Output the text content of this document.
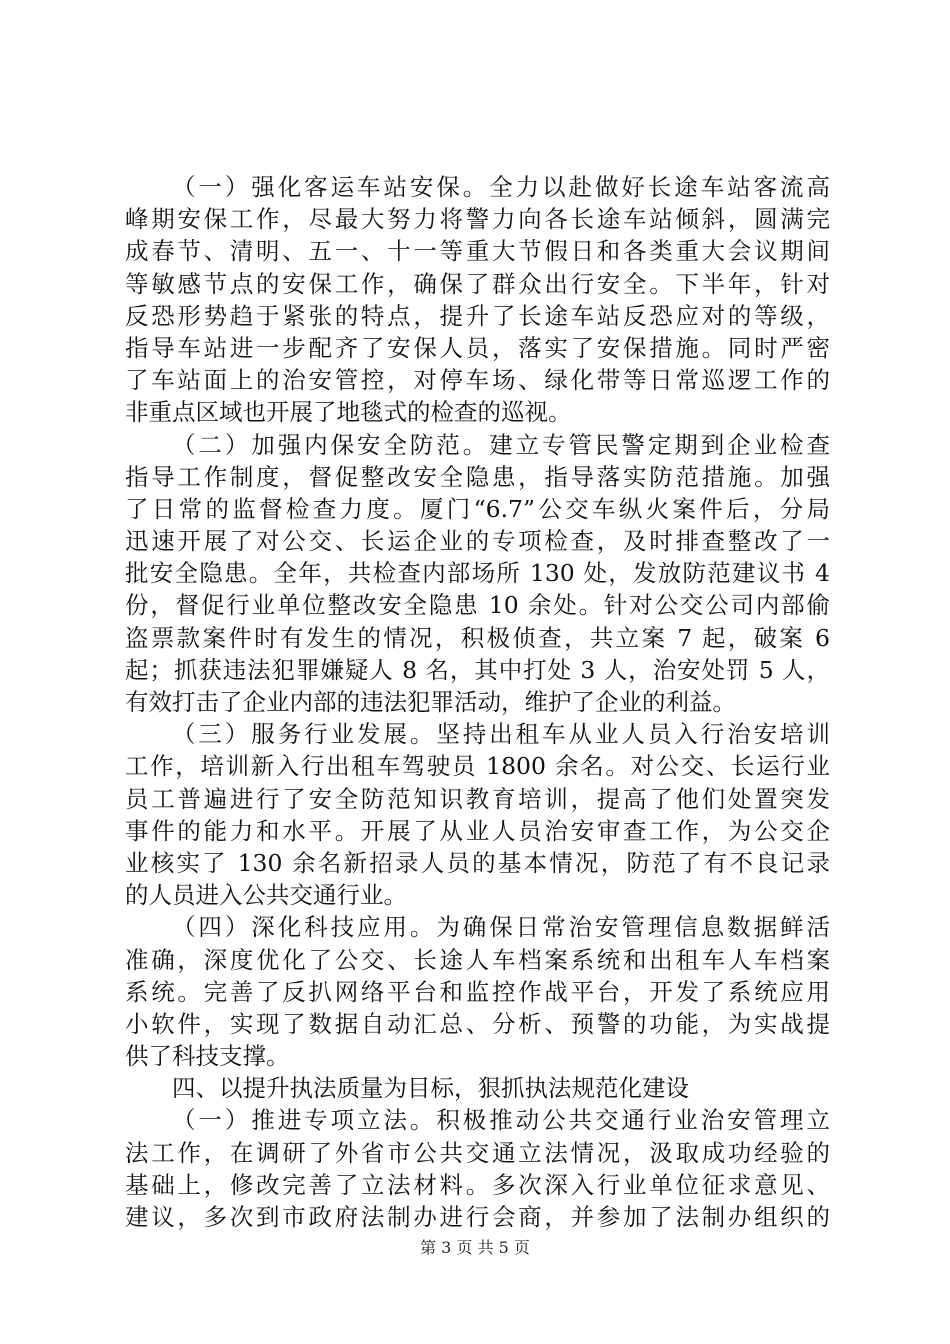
（一）强化客运车站安保。全力以赴做好长途车站客流高
峰期安保工作，尽最大努力将警力向各长途车站倾斜，圆满完
成春节、清明、五一、十一等重大节假日和各类重大会议期间
等敏感节点的安保工作，确保了群众出行安全。下半年，针对
反恐形势趋于紧张的特点，提升了长途车站反恐应对的等级，
指导车站进一步配齐了安保人员，落实了安保措施。同时严密
了车站面上的治安管控，对停车场、绿化带等日常巡逻工作的
非重点区域也开展了地毯式的检查的巡视。
（二）加强内保安全防范。建立专管民警定期到企业检查
指导工作制度，督促整改安全隐患，指导落实防范措施。加强
了日常的监督检查力度。厦门“6.7”公交车纵火案件后，分局
迅速开展了对公交、长运企业的专项检查，及时排查整改了一
批安全隐患。全年，共检查内部场所 130 处，发放防范建议书 4
份，督促行业单位整改安全隐患 10 余处。针对公交公司内部偷
盗票款案件时有发生的情况，积极侦查，共立案 7 起，破案 6
起；抓获违法犯罪嫌疑人 8 名，其中打处 3 人，治安处罚 5 人，
有效打击了企业内部的违法犯罪活动，维护了企业的利益。
（三）服务行业发展。坚持出租车从业人员入行治安培训
工作，培训新入行出租车驾驶员 1800 余名。对公交、长运行业
员工普遍进行了安全防范知识教育培训，提高了他们处置突发
事件的能力和水平。开展了从业人员治安审查工作，为公交企
业核实了 130 余名新招录人员的基本情况，防范了有不良记录
的人员进入公共交通行业。
（四）深化科技应用。为确保日常治安管理信息数据鲜活
准确，深度优化了公交、长途人车档案系统和出租车人车档案
系统。完善了反扒网络平台和监控作战平台，开发了系统应用
小软件，实现了数据自动汇总、分析、预警的功能，为实战提
供了科技支撑。
四、以提升执法质量为目标，狠抓执法规范化建设
（一）推进专项立法。积极推动公共交通行业治安管理立
法工作，在调研了外省市公共交通立法情况，汲取成功经验的
基础上，修改完善了立法材料。多次深入行业单位征求意见、
建议，多次到市政府法制办进行会商，并参加了法制办组织的
第 3 页 共 5 页
